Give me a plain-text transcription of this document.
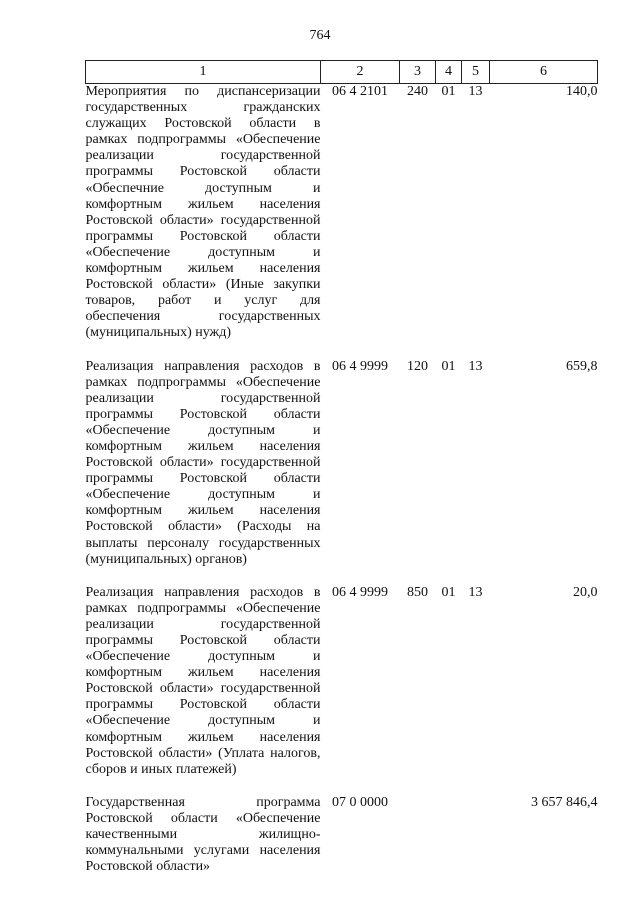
764
1	2	3	4	5	6
Мероприятия по диспансеризации государственных гражданских служащих Ростовской области в рамках подпрограммы «Обеспечение реализации государственной программы Ростовской области «Обеспечние доступным и комфортным жильем населения Ростовской области» государственной программы Ростовской области «Обеспечение доступным и комфортным жильем населения Ростовской области» (Иные закупки товаров, работ и услуг для обеспечения государственных (муниципальных) нужд)	06 4 2101	240	01	13	140,0

Реализация направления расходов в рамках подпрограммы «Обеспечение реализации государственной программы Ростовской области «Обеспечение доступным и комфортным жильем населения Ростовской области» государственной программы Ростовской области «Обеспечение доступным и комфортным жильем населения Ростовской области» (Расходы на выплаты персоналу государственных (муниципальных) органов)	06 4 9999	120	01	13	659,8

Реализация направления расходов в рамках подпрограммы «Обеспечение реализации государственной программы Ростовской области «Обеспечение доступным и комфортным жильем населения Ростовской области» государственной программы Ростовской области «Обеспечение доступным и комфортным жильем населения Ростовской области» (Уплата налогов, сборов и иных платежей)	06 4 9999	850	01	13	20,0

Государственная программа Ростовской области «Обеспечение качественными жилищно-коммунальными услугами населения Ростовской области»	07 0 0000				3 657 846,4
